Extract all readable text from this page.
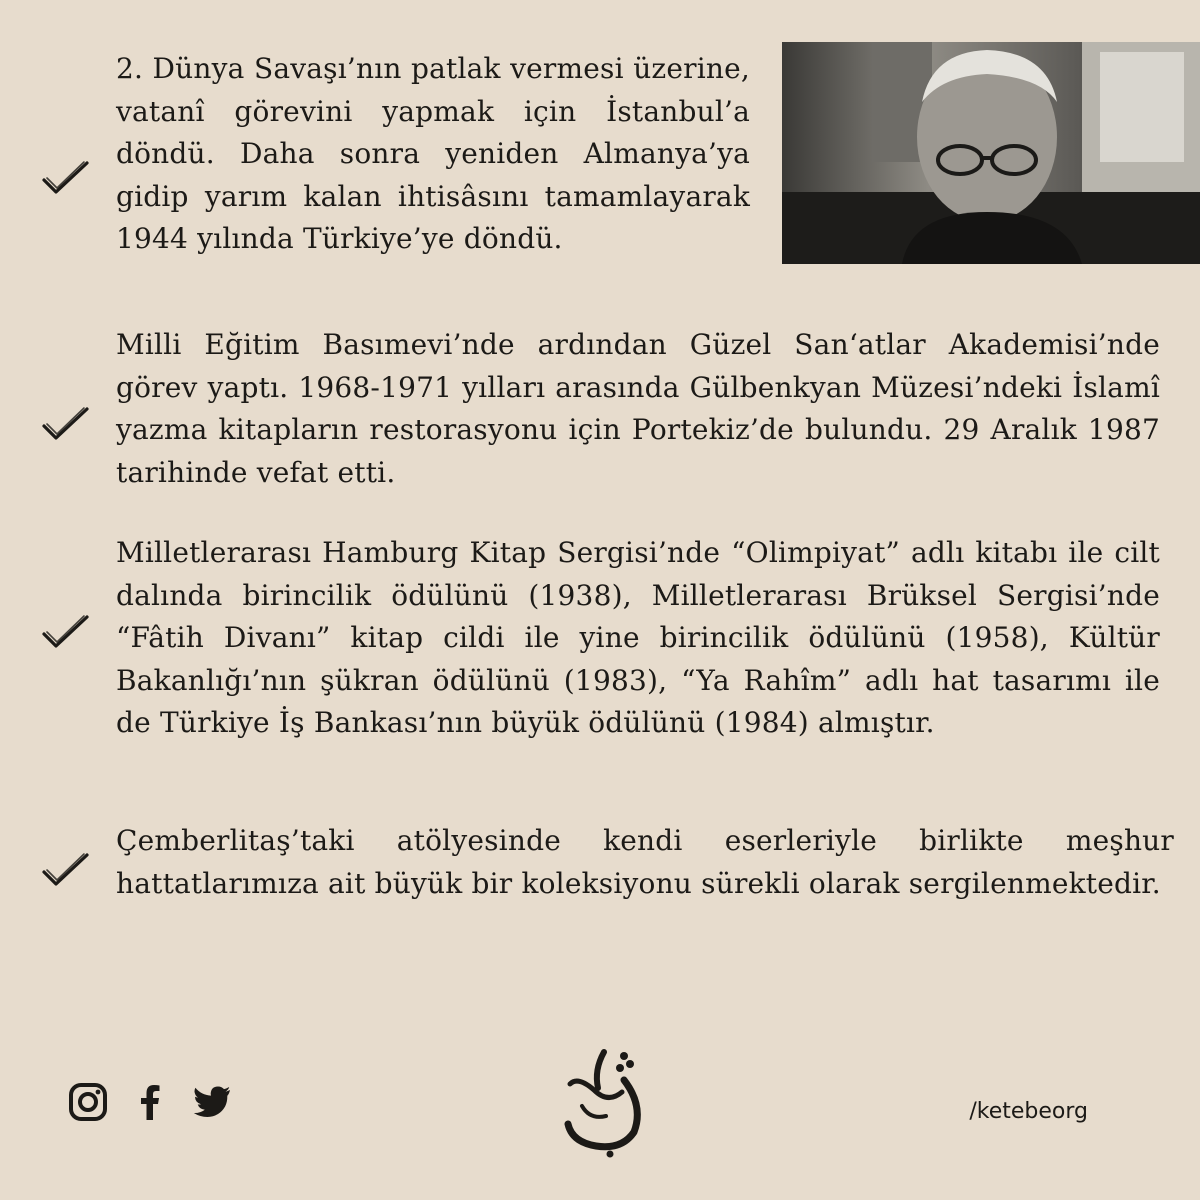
2. Dünya Savaşı’nın patlak vermesi üzerine, vatanî görevini yapmak için İstanbul’a döndü. Daha sonra yeniden Almanya’ya gidip yarım kalan ihtisâsını tamamlayarak 1944 yılında Türkiye’ye döndü.
Milli Eğitim Basımevi’nde ardından Güzel San‘atlar Akademisi’nde görev yaptı. 1968-1971 yılları arasında Gülbenkyan Müzesi’ndeki İslamî yazma kitapların restorasyonu için Portekiz’de bulundu. 29 Aralık 1987 tarihinde vefat etti.
Milletlerarası Hamburg Kitap Sergisi’nde “Olimpiyat” adlı kitabı ile cilt dalında birincilik ödülünü (1938), Milletlerarası Brüksel Sergisi’nde “Fâtih Divanı” kitap cildi ile yine birincilik ödülünü (1958), Kültür Bakanlığı’nın şükran ödülünü (1983), “Ya Rahîm” adlı hat tasarımı ile de Türkiye İş Bankası’nın büyük ödülünü (1984) almıştır.
Çemberlitaş’taki atölyesinde kendi eserleriyle birlikte meşhur hattatlarımıza ait büyük bir koleksiyonu sürekli olarak sergilenmektedir.
/ketebeorg
